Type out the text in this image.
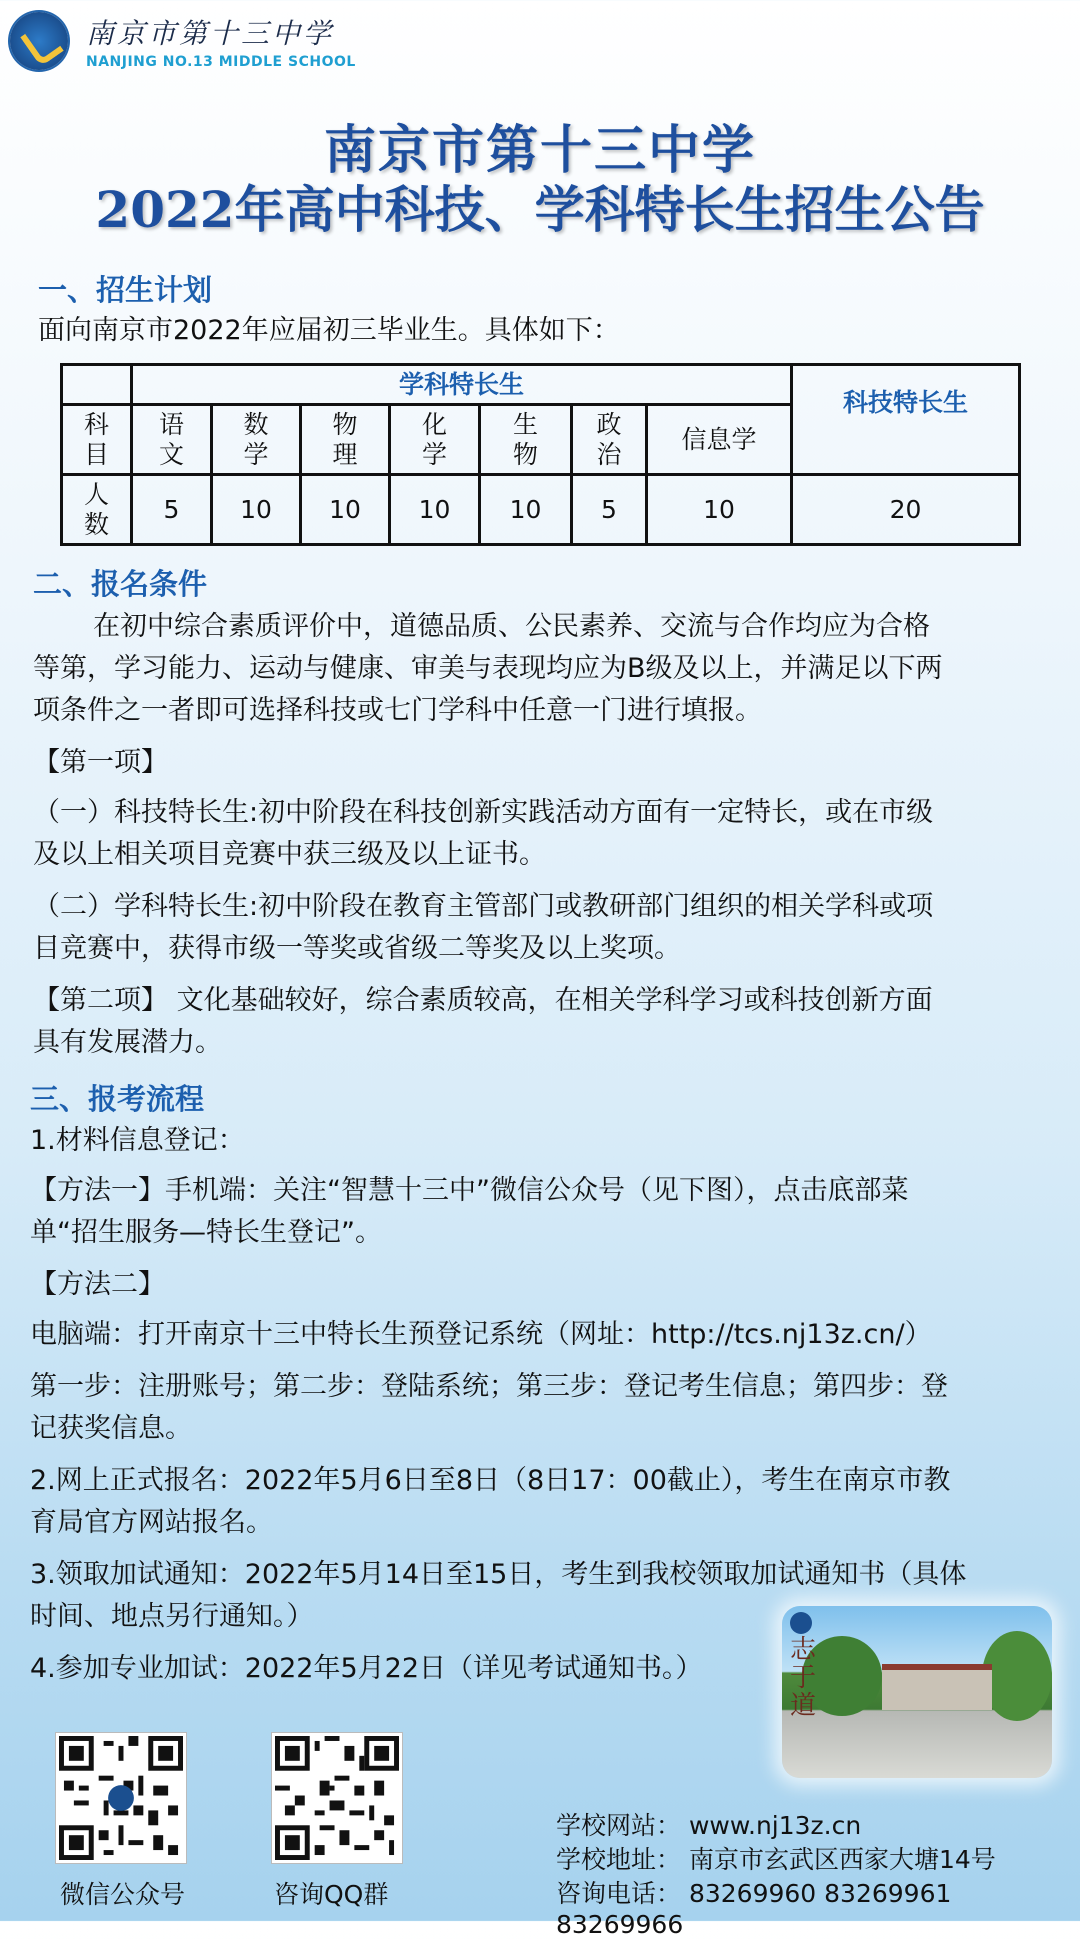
南京市第十三中学
NANJING NO.13 MIDDLE SCHOOL
南京市第十三中学
2022年高中科技、学科特长生招生公告
一、招生计划
面向南京市2022年应届初三毕业生。具体如下：
	学科特长生							科技特长生
科目	语文	数学	物理	化学	生物	政治	信息学	
人数	5	10	10	10	10	5	10	20
二、报名条件
在初中综合素质评价中，道德品质、公民素养、交流与合作均应为合格
等第，学习能力、运动与健康、审美与表现均应为B级及以上，并满足以下两
项条件之一者即可选择科技或七门学科中任意一门进行填报。
【第一项】
（一）科技特长生:初中阶段在科技创新实践活动方面有一定特长，或在市级
及以上相关项目竞赛中获三级及以上证书。
（二）学科特长生:初中阶段在教育主管部门或教研部门组织的相关学科或项
目竞赛中，获得市级一等奖或省级二等奖及以上奖项。
【第二项】 文化基础较好，综合素质较高，在相关学科学习或科技创新方面
具有发展潜力。
三、报考流程
1.材料信息登记：
【方法一】手机端：关注“智慧十三中”微信公众号（见下图），点击底部菜
单“招生服务—特长生登记”。
【方法二】
电脑端：打开南京十三中特长生预登记系统（网址：http://tcs.nj13z.cn/）
第一步：注册账号；第二步：登陆系统；第三步：登记考生信息；第四步：登
记获奖信息。
2.网上正式报名：2022年5月6日至8日（8日17：00截止），考生在南京市教
育局官方网站报名。
3.领取加试通知：2022年5月14日至15日，考生到我校领取加试通知书（具体
时间、地点另行通知。）
4.参加专业加试：2022年5月22日（详见考试通知书。）
志于道
微信公众号	咨询QQ群
学校网站： www.nj13z.cn
学校地址： 南京市玄武区西家大塘14号
咨询电话： 83269960 83269961 83269966
